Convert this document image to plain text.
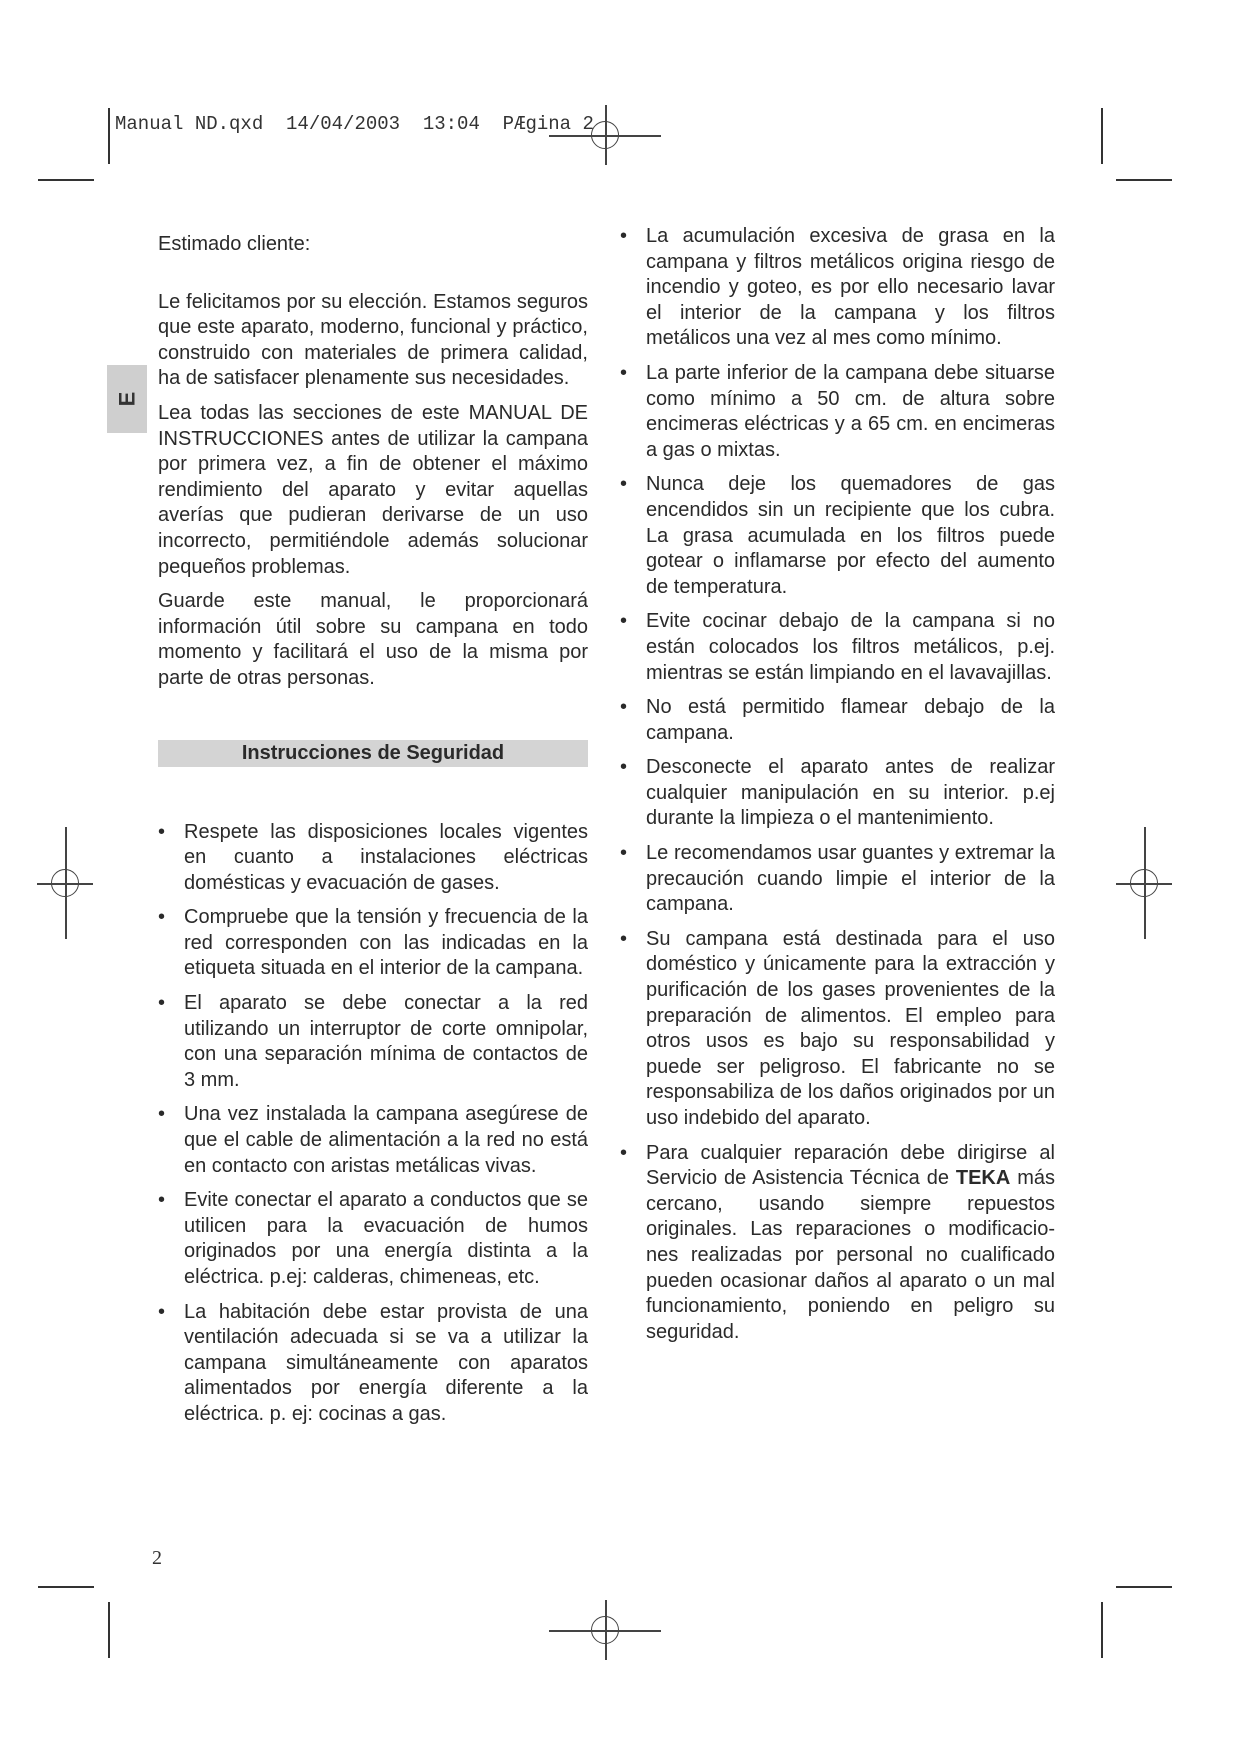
Manual ND.qxd  14/04/2003  13:04  PÆgina 2
E

Estimado cliente:

Le felicitamos por su elección. Estamos seguros que este aparato, moderno, funcional y práctico, construido con materiales de primera calidad, ha de satisfacer plenamente sus necesidades.

Lea todas las secciones de este MANUAL DE INSTRUCCIONES antes de utilizar la campana por primera vez, a fin de obtener el máximo rendimiento del aparato y evitar aquellas averías que pudieran derivarse de un uso incorrecto, permitiéndole además solucionar pequeños problemas.

Guarde este manual, le proporcionará información útil sobre su campana en todo momento y facilitará el uso de la misma por parte de otras personas.

Instrucciones de Seguridad
• Respete las disposiciones locales vigentes en cuanto a instalaciones eléctricas domésticas y evacuación de gases.
• Compruebe que la tensión y frecuencia de la red corresponden con las indicadas en la etiqueta situada en el interior de la campana.
• El aparato se debe conectar a la red utilizando un interruptor de corte omnipolar, con una separación mínima de contactos de 3 mm.
• Una vez instalada la campana asegúrese de que el cable de alimentación a la red no está en contacto con aristas metálicas vivas.
• Evite conectar el aparato a conductos que se utilicen para la evacuación de humos originados por una energía distinta a la eléctrica. p.ej: calderas, chimeneas, etc.
• La habitación debe estar provista de una ventilación adecuada si se va a utilizar la campana simultáneamente con aparatos alimentados por energía diferente a la eléctrica. p. ej: cocinas a gas.
• La acumulación excesiva de grasa en la campana y filtros metálicos origina riesgo de incendio y goteo, es por ello necesario lavar el interior de la campana y los filtros metálicos una vez al mes como mínimo.
• La parte inferior de la campana debe situarse como mínimo a 50 cm. de altura sobre encimeras eléctricas y a 65 cm. en encimeras a gas o mixtas.
• Nunca deje los quemadores de gas encendidos sin un recipiente que los cubra. La grasa acumulada en los filtros puede gotear o inflamarse por efecto del aumento de temperatura.
• Evite cocinar debajo de la campana si no están colocados los filtros metálicos, p.ej. mientras se están limpiando en el lavavajillas.
• No está permitido flamear debajo de la campana.
• Desconecte el aparato antes de realizar cualquier manipulación en su interior. p.ej durante la limpieza o el mantenimiento.
• Le recomendamos usar guantes y extremar la precaución cuando limpie el interior de la campana.
• Su campana está destinada para el uso doméstico y únicamente para la extracción y purificación de los gases provenientes de la preparación de alimentos. El empleo para otros usos es bajo su responsabilidad y puede ser peligroso. El fabricante no se responsabiliza de los daños originados por un uso indebido del aparato.
• Para cualquier reparación debe dirigirse al Servicio de Asistencia Técnica de TEKA más cercano, usando siempre repuestos originales. Las reparaciones o modificacio-nes realizadas por personal no cualificado pueden ocasionar daños al aparato o un mal funcionamiento, poniendo en peligro su seguridad.
2
